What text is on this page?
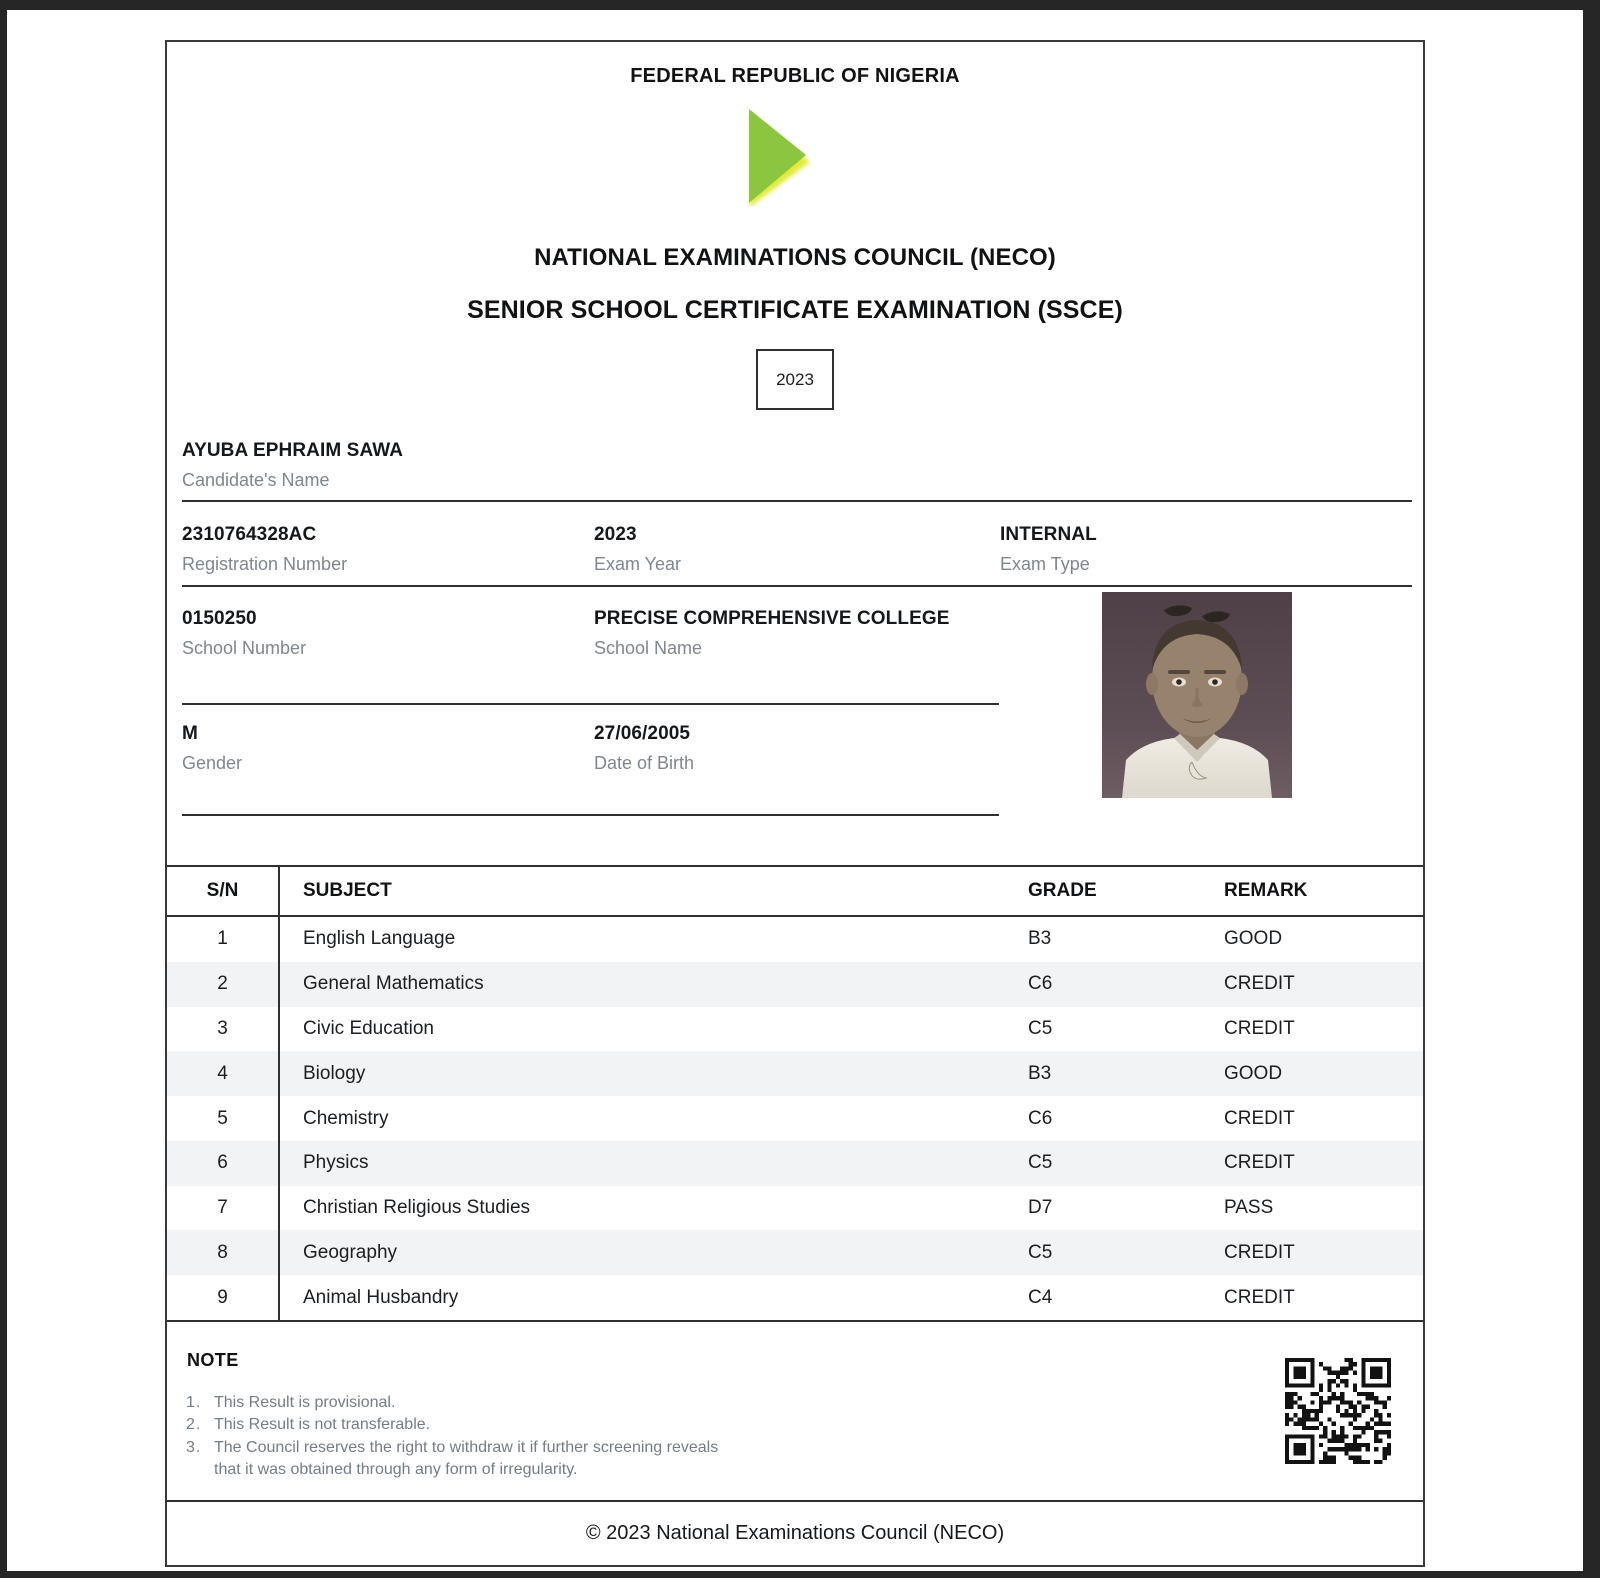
FEDERAL REPUBLIC OF NIGERIA
NATIONAL EXAMINATIONS COUNCIL (NECO)
SENIOR SCHOOL CERTIFICATE EXAMINATION (SSCE)
2023
AYUBA EPHRAIM SAWA
Candidate's Name
2310764328AC
Registration Number
2023
Exam Year
INTERNAL
Exam Type
0150250
School Number
PRECISE COMPREHENSIVE COLLEGE
School Name
M
Gender
27/06/2005
Date of Birth
S/N	SUBJECT	GRADE	REMARK
1	English Language	B3	GOOD
2	General Mathematics	C6	CREDIT
3	Civic Education	C5	CREDIT
4	Biology	B3	GOOD
5	Chemistry	C6	CREDIT
6	Physics	C5	CREDIT
7	Christian Religious Studies	D7	PASS
8	Geography	C5	CREDIT
9	Animal Husbandry	C4	CREDIT
NOTE
1. This Result is provisional.
2. This Result is not transferable.
3. The Council reserves the right to withdraw it if further screening reveals
that it was obtained through any form of irregularity.
© 2023 National Examinations Council (NECO)
